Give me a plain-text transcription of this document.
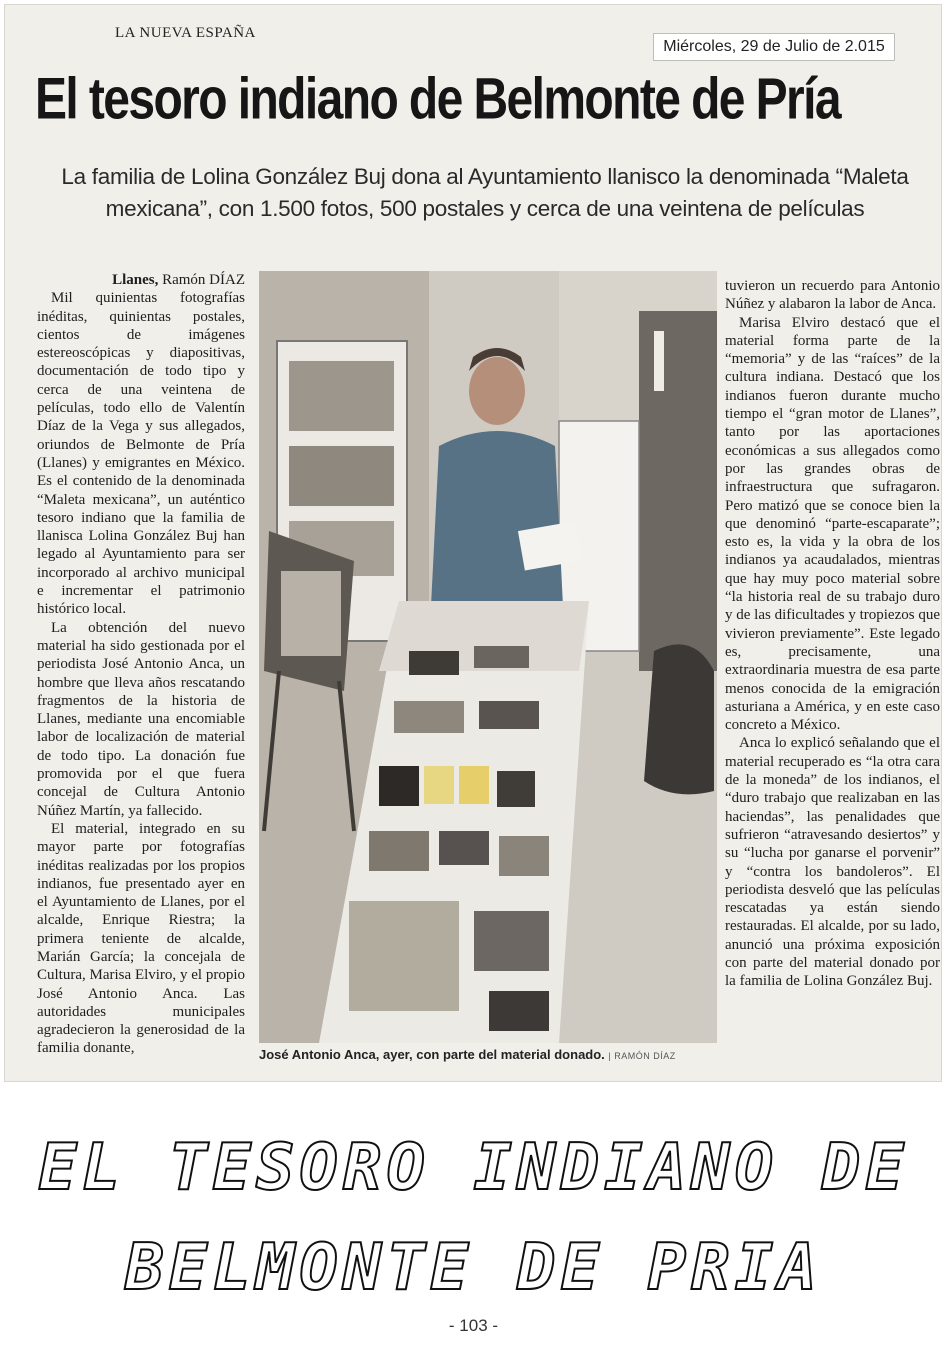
LA NUEVA ESPAÑA
Miércoles, 29 de Julio de 2.015
El tesoro indiano de Belmonte de Pría
La familia de Lolina González Buj dona al Ayuntamiento llanisco la denominada “Maleta mexicana”, con 1.500 fotos, 500 postales y cerca de una veintena de películas

Llanes, Ramón DÍAZ

Mil quinientas fotografías inéditas, quinientas postales, cientos de imágenes estereoscópicas y diapositivas, documentación de todo tipo y cerca de una veintena de películas, todo ello de Valentín Díaz de la Vega y sus allegados, oriundos de Belmonte de Pría (Llanes) y emigrantes en México. Es el contenido de la denominada “Maleta mexicana”, un auténtico tesoro indiano que la familia de llanisca Lolina González Buj han legado al Ayuntamiento para ser incorporado al archivo municipal e incrementar el patrimonio histórico local.

La obtención del nuevo material ha sido gestionada por el periodista José Antonio Anca, un hombre que lleva años rescatando fragmentos de la historia de Llanes, mediante una encomiable labor de localización de material de todo tipo. La donación fue promovida por el que fuera concejal de Cultura Antonio Núñez Martín, ya fallecido.

El material, integrado en su mayor parte por fotografías inéditas realizadas por los propios indianos, fue presentado ayer en el Ayuntamiento de Llanes, por el alcalde, Enrique Riestra; la primera teniente de alcalde, Marián García; la concejala de Cultura, Marisa Elviro, y el propio José Antonio Anca. Las autoridades municipales agradecieron la generosidad de la familia donante,	José Antonio Anca, ayer, con parte del material donado. | RAMÓN DÍAZ

tuvieron un recuerdo para Antonio Núñez y alabaron la labor de Anca.

Marisa Elviro destacó que el material forma parte de la “memoria” y de las “raíces” de la cultura indiana. Destacó que los indianos fueron durante mucho tiempo el “gran motor de Llanes”, tanto por las aportaciones económicas a sus allegados como por las grandes obras de infraestructura que sufragaron. Pero matizó que se conoce bien la que denominó “parte-escaparate”; esto es, la vida y la obra de los indianos ya acaudalados, mientras que hay muy poco material sobre “la historia real de su trabajo duro y de las dificultades y tropiezos que vivieron previamente”. Este legado es, precisamente, una extraordinaria muestra de esa parte menos conocida de la emigración asturiana a América, y en este caso concreto a México.

Anca lo explicó señalando que el material recuperado es “la otra cara de la moneda” de los indianos, el “duro trabajo que realizaban en las haciendas”, las penalidades que sufrieron “atravesando desiertos” y su “lucha por ganarse el porvenir” y “contra los bandoleros”. El periodista desveló que las películas rescatadas ya están siendo restauradas. El alcalde, por su lado, anunció una próxima exposición con parte del material donado por la familia de Lolina González Buj.

EL TESORO INDIANO DE
BELMONTE DE PRIA
- 103 -
